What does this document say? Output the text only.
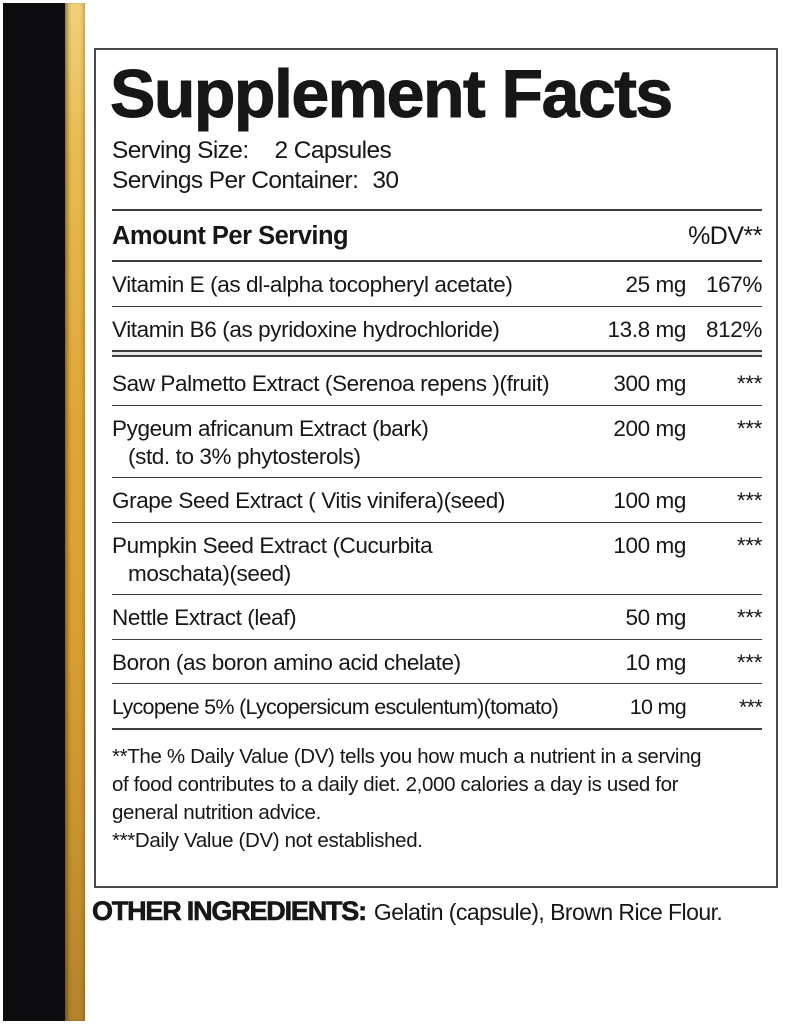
Supplement Facts
Serving Size: 2 Capsules
Servings Per Container: 30
Amount Per Serving	%DV**
Vitamin E (as dl-alpha tocopheryl acetate)	25 mg 167%
Vitamin B6 (as pyridoxine hydrochloride)	13.8 mg 812%
Saw Palmetto Extract (Serenoa repens )(fruit)	300 mg	***
Pygeum africanum Extract (bark)	200 mg	***
(std. to 3% phytosterols)
Grape Seed Extract ( Vitis vinifera)(seed)	100 mg	***
Pumpkin Seed Extract (Cucurbita	100 mg	***
moschata)(seed)
Nettle Extract (leaf)	50 mg	***
Boron (as boron amino acid chelate)	10 mg	***
Lycopene 5% (Lycopersicum esculentum)(tomato)	10 mg	***
**The % Daily Value (DV) tells you how much a nutrient in a serving
of food contributes to a daily diet. 2,000 calories a day is used for
general nutrition advice.
***Daily Value (DV) not established.
OTHER INGREDIENTS: Gelatin (capsule), Brown Rice Flour.
